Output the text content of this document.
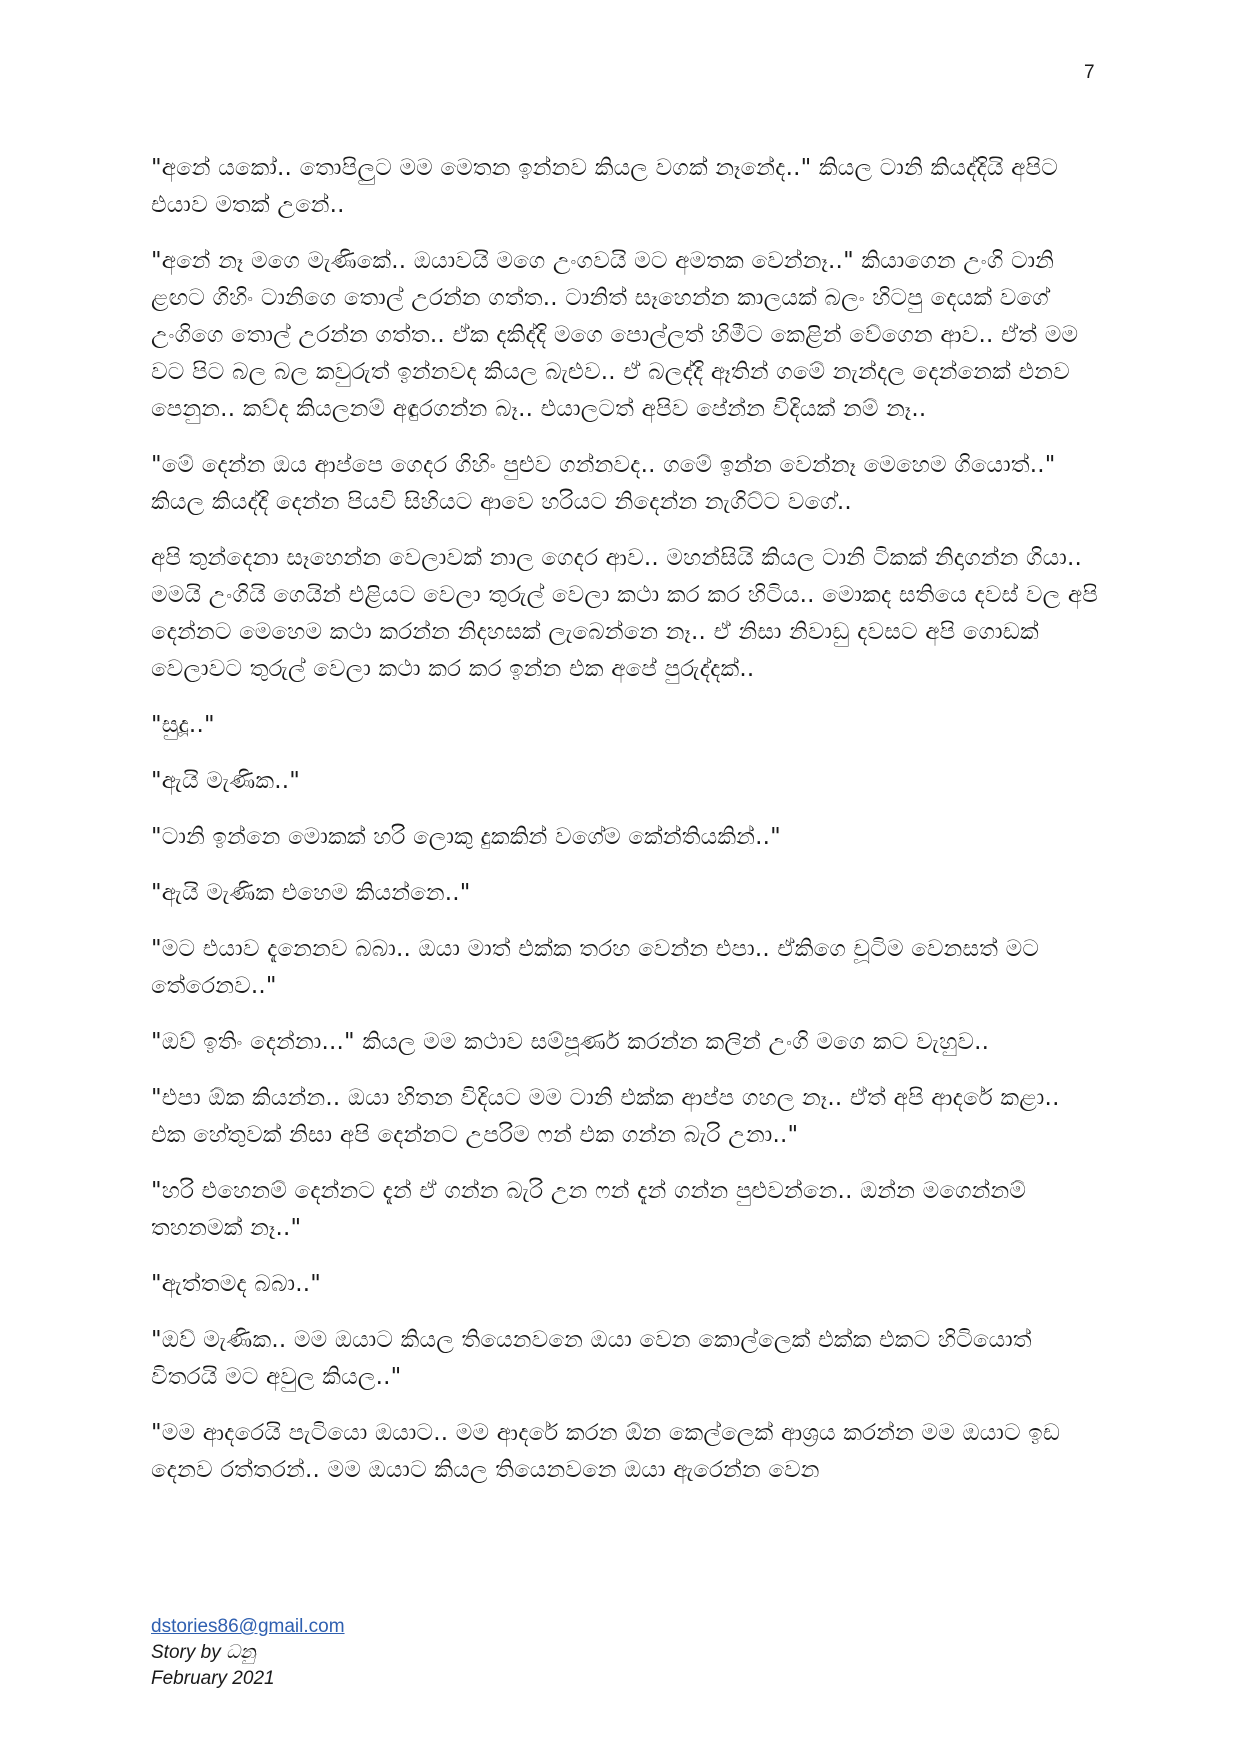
7

"අනේ යකෝ.. තොපිලුට මම මෙතන ඉන්නව කියල වගක් නෑනේද.." කියල ටානි කියද්දියි අපිට එයාව මතක් උනේ..

"අනේ නෑ මගෙ මැණිකේ.. ඔයාවයි මගෙ උංගවයි මට අමතක වෙන්නෑ.." කියාගෙන උංගි ටානි ළඟට ගිහිං ටානිගෙ තොල් උරන්න ගත්ත.. ටානිත් සෑහෙන්න කාලයක් බලං හිටපු දෙයක් වගේ උංගිගෙ තොල් උරන්න ගත්ත.. ඒක දකිද්දි මගෙ පොල්ලත් හිමීට කෙළින් වේගෙන ආව.. ඒත් මම වට පිට බල බල කවුරුත් ඉන්නවද කියල බැළුව.. ඒ බලද්දි ඈතින් ගමේ නැන්දල දෙන්නෙක් එනව පෙනුන.. කව්ද කියලනම් අඳුරගන්න බෑ.. එයාලටත් අපිව පේන්න විදියක් නම් නෑ..

"මේ දෙන්න ඔය ආප්පෙ ගෙදර ගිහිං පුළුව ගන්නවද.. ගමේ ඉන්න වෙන්නෑ මෙහෙම ගියොත්.." කියල කියද්දි දෙන්න පියවි සිහියට ආවෙ හරියට නිදෙන්න නැගිට්ට වගේ..

අපි තුන්දෙනා සෑහෙන්න වෙලාවක් නාල ගෙදර ආව.. මහන්සියි කියල ටානි ටිකක් නිදාගන්න ගියා.. මමයි උංගියි ගෙයින් එළියට වෙලා තුරුල් වෙලා කථා කර කර හිටිය.. මොකද සතියෙ දවස් වල අපි දෙන්නට මෙහෙම කථා කරන්න නිදහසක් ලැබෙන්නෙ නෑ.. ඒ නිසා නිවාඩු දවසට අපි ගොඩක් වෙලාවට තුරුල් වෙලා කථා කර කර ඉන්න එක අපේ පුරුද්දක්..

"සුදූ.."

"ඇයි මැණික.."

"ටානි ඉන්නෙ මොකක් හරි ලොකු දුකකින් වගේම කේන්තියකින්.."

"ඇයි මැණික එහෙම කියන්නෙ.."

"මට එයාව දැනෙනව බබා.. ඔයා මාත් එක්ක තරහ වෙන්න එපා.. ඒකිගෙ චූටිම වෙනසත් මට තේරෙනව.."

"ඔව් ඉතිං දෙන්නා..." කියල මම කථාව සම්පූර්ණ කරන්න කලින් උංගි මගෙ කට වැහුව..

"එපා ඕක කියන්න.. ඔයා හිතන විදියට මම ටානි එක්ක ආප්ප ගහල නෑ.. ඒත් අපි ආදරේ කළා.. එක හේතුවක් නිසා අපි දෙන්නට උපරිම ෆන් එක ගන්න බැරි උනා.."

"හරි එහෙනම් දෙන්නට දැන් ඒ ගන්න බැරි උන ෆන් දැන් ගන්න පුළුවන්නෙ.. ඔන්න මගෙන්නම් තහනමක් නෑ.."

"ඇත්තමද බබා.."

"ඔව් මැණික.. මම ඔයාට කියල තියෙනවනෙ ඔයා වෙන කොල්ලෙක් එක්ක එකට හිටියොත් විතරයි මට අවුල කියල.."

"මම ආදරෙයි පැටියො ඔයාට.. මම ආදරේ කරන ඕන කෙල්ලෙක් ආශ්‍රය කරන්න මම ඔයාට ඉඩ දෙනව රත්තරන්.. මම ඔයාට කියල තියෙනවනෙ ඔයා ඇරෙන්න වෙන

dstories86@gmail.com
Story by ධනු
February 2021
